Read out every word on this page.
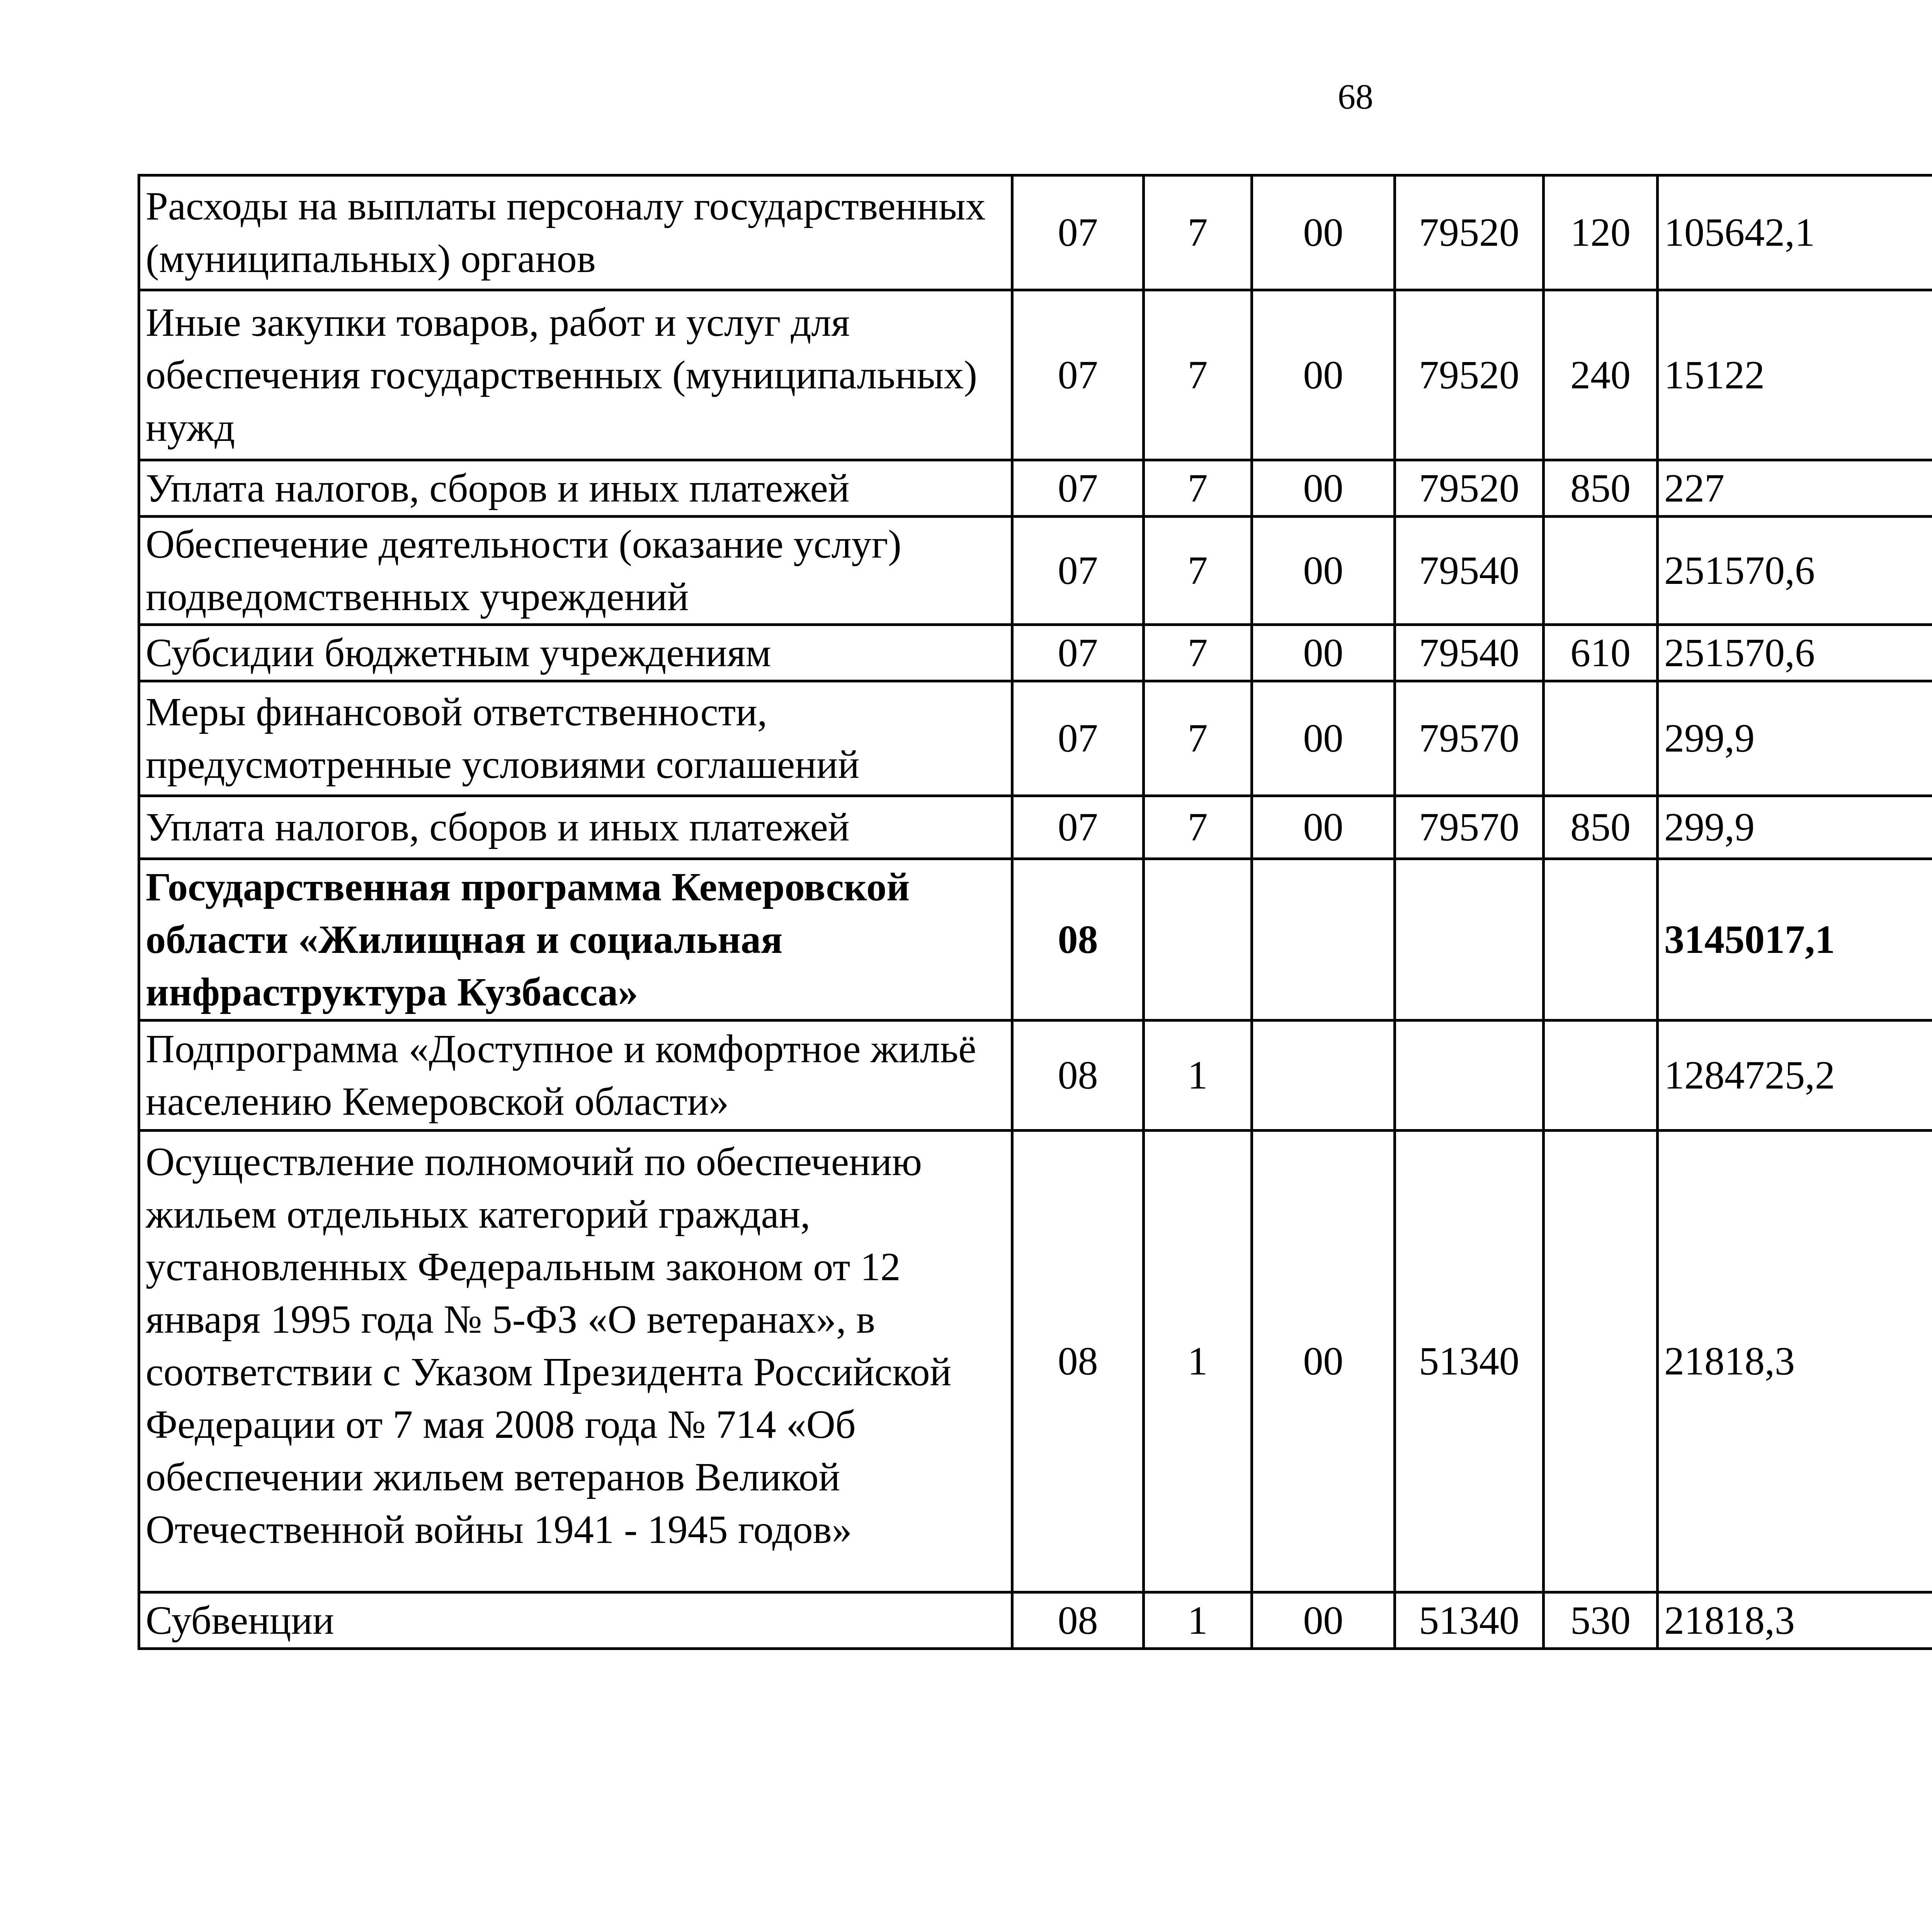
68
Расходы на выплаты персоналу государственных (муниципальных) органов	07	7	00	79520	120	105642,1		
Иные закупки товаров, работ и услуг для обеспечения государственных (муниципальных) нужд	07	7	00	79520	240	15122		
Уплата налогов, сборов и иных платежей	07	7	00	79520	850	227		
Обеспечение деятельности (оказание услуг) подведомственных учреждений	07	7	00	79540		251570,6		
Субсидии бюджетным учреждениям	07	7	00	79540	610	251570,6		
Меры финансовой ответственности, предусмотренные условиями соглашений	07	7	00	79570		299,9		
Уплата налогов, сборов и иных платежей	07	7	00	79570	850	299,9		
Государственная программа Кемеровской области «Жилищная и социальная инфраструктура Кузбасса»	08					3145017,1		
Подпрограмма «Доступное и комфортное жильё населению Кемеровской области»	08	1				1284725,2		
Осуществление полномочий по обеспечению жильем отдельных категорий граждан, установленных Федеральным законом от 12 января 1995 года № 5-ФЗ «О ветеранах», в соответствии с Указом Президента Российской Федерации от 7 мая 2008 года № 714 «Об обеспечении жильем ветеранов Великой Отечественной войны 1941 - 1945 годов»	08	1	00	51340		21818,3		
Субвенции	08	1	00	51340	530	21818,3		
